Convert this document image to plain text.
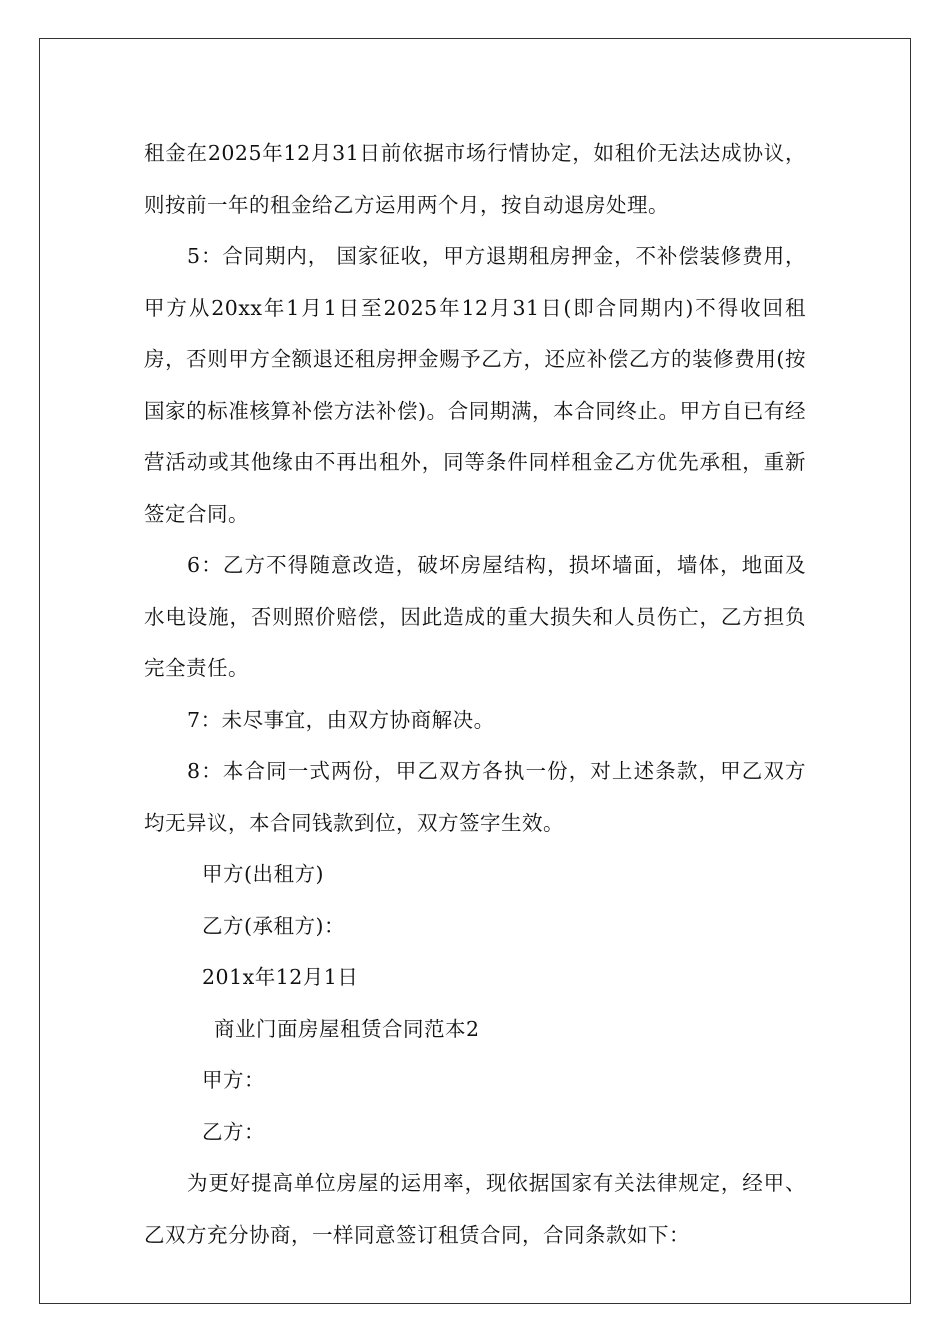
租金在2025年12月31日前依据市场行情协定，如租价无法达成协议，则按前一年的租金给乙方运用两个月，按自动退房处理。

5：合同期内， 国家征收，甲方退期租房押金，不补偿装修费用，甲方从20xx年1月1日至2025年12月31日(即合同期内)不得收回租房，否则甲方全额退还租房押金赐予乙方，还应补偿乙方的装修费用(按国家的标准核算补偿方法补偿)。合同期满，本合同终止。甲方自已有经营活动或其他缘由不再出租外，同等条件同样租金乙方优先承租，重新签定合同。

6：乙方不得随意改造，破坏房屋结构，损坏墙面，墙体，地面及水电设施，否则照价赔偿，因此造成的重大损失和人员伤亡，乙方担负完全责任。

7：未尽事宜，由双方协商解决。

8：本合同一式两份，甲乙双方各执一份，对上述条款，甲乙双方均无异议，本合同钱款到位，双方签字生效。

甲方(出租方)

乙方(承租方)：

201x年12月1日

商业门面房屋租赁合同范本2

甲方：

乙方：

为更好提高单位房屋的运用率，现依据国家有关法律规定，经甲、乙双方充分协商，一样同意签订租赁合同，合同条款如下：
